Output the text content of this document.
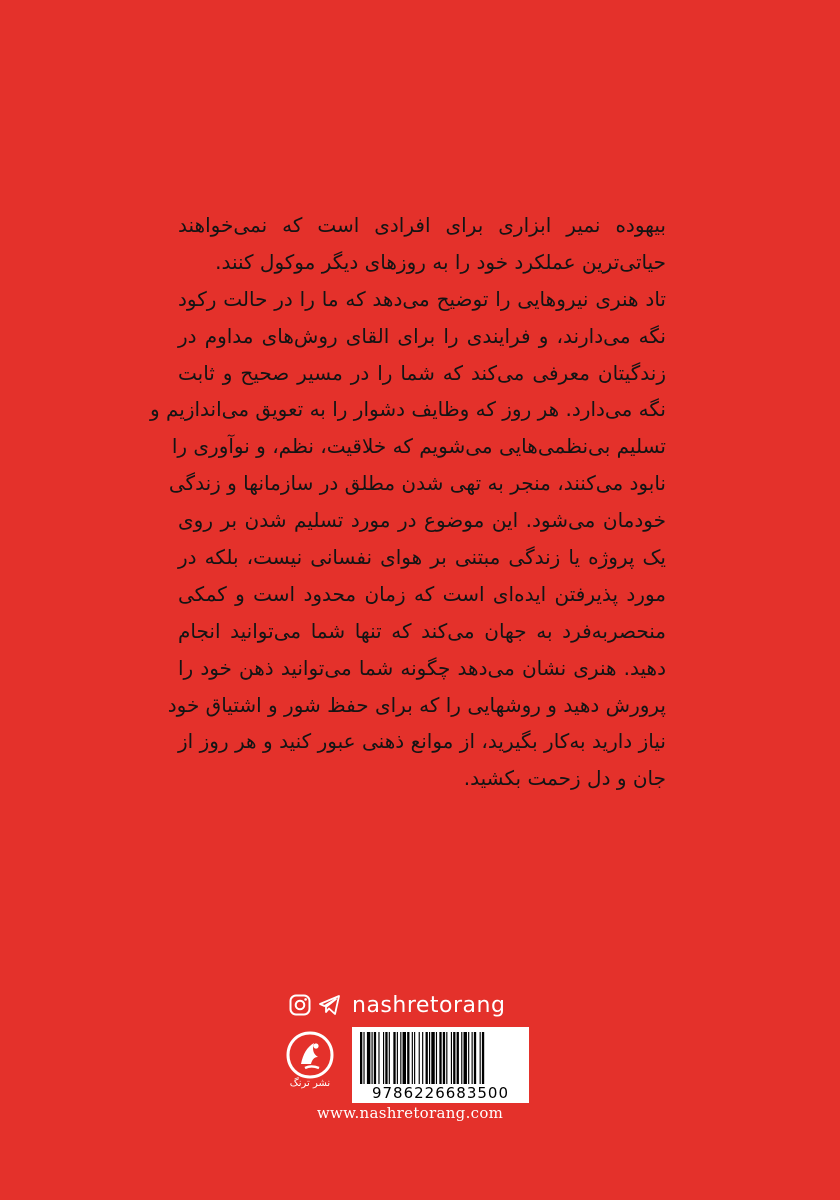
بیهوده نمیر ابزاری برای افرادی است که نمی‌خواهند
حیاتی‌ترین عملکرد خود را به روزهای دیگر موکول کنند.
تاد هنری نیروهایی را توضیح می‌دهد که ما را در حالت رکود
نگه می‌دارند، و فرایندی را برای القای روش‌های مداوم در
زندگیتان معرفی می‌کند که شما را در مسیر صحیح و ثابت
نگه می‌دارد. هر روز که وظایف دشوار را به تعویق می‌اندازیم و
تسلیم بی‌نظمی‌هایی می‌شویم که خلاقیت، نظم، و نوآوری را
نابود می‌کنند، منجر به تهی شدن مطلق در سازمانها و زندگی
خودمان می‌شود. این موضوع در مورد تسلیم شدن بر روی
یک پروژه یا زندگی مبتنی بر هوای نفسانی نیست، بلکه در
مورد پذیرفتن ایده‌ای است که زمان محدود است و کمکی
منحصربه‌فرد به جهان می‌کند که تنها شما می‌توانید انجام
دهید. هنری نشان می‌دهد چگونه شما می‌توانید ذهن خود را
پرورش دهید و روشهایی را که برای حفظ شور و اشتیاق خود
نیاز دارید به‌کار بگیرید، از موانع ذهنی عبور کنید و هر روز از
جان و دل زحمت بکشید.
nashretorang
نشر ترنگ
9786226683500
www.nashretorang.com
